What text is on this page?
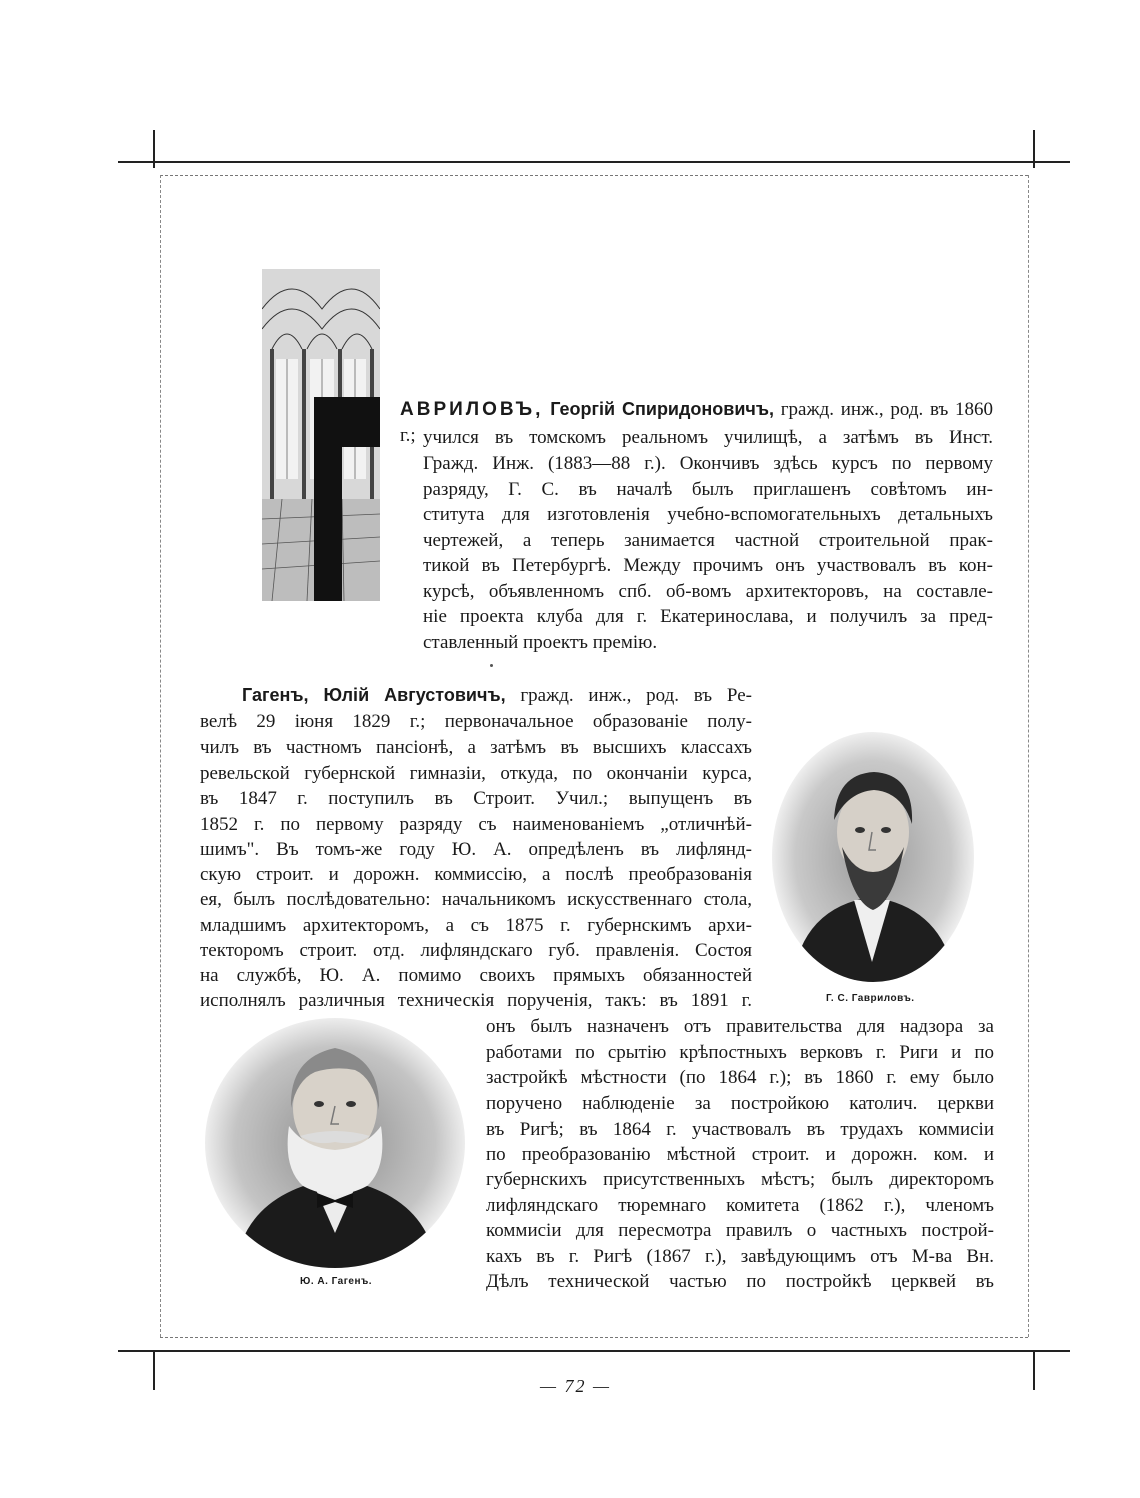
АВРИЛОВЪ, Георгій Спиридоновичъ, гражд. инж., род. въ 1860 г.; учился въ томскомъ реальномъ училищѣ, а затѣмъ въ Инст.

Гражд. Инж. (1883—88 г.). Окончивъ здѣсь курсъ по первому

разряду, Г. С. въ началѣ былъ приглашенъ совѣтомъ ин-

ститута для изготовленія учебно-вспомогательныхъ детальныхъ

чертежей, а теперь занимается частной строительной прак-

тикой въ Петербургѣ. Между прочимъ онъ участвовалъ въ кон-

курсѣ, объявленномъ спб. об-вомъ архитекторовъ, на составле-

ніе проекта клуба для г. Екатеринослава, и получилъ за пред-

ставленный проектъ премію.

Гагенъ, Юлій Августовичъ, гражд. инж., род. въ Ре-

велѣ 29 іюня 1829 г.; первоначальное образованіе полу-

чилъ въ частномъ пансіонѣ, а затѣмъ въ высшихъ классахъ

ревельской губернской гимназіи, откуда, по окончаніи курса,

въ 1847 г. поступилъ въ Строит. Учил.; выпущенъ въ

1852 г. по первому разряду съ наименованіемъ „отличнѣй-

шимъ". Въ томъ-же году Ю. А. опредѣленъ въ лифлянд-

скую строит. и дорожн. коммиссію, а послѣ преобразованія

ея, былъ послѣдовательно: начальникомъ искусственнаго стола,

младшимъ архитекторомъ, а съ 1875 г. губернскимъ архи-

текторомъ строит. отд. лифляндскаго губ. правленія. Состоя

на службѣ, Ю. А. помимо своихъ прямыхъ обязанностей

исполнялъ различныя техническія порученія, такъ: въ 1891 г.

онъ былъ назначенъ отъ правительства для надзора за

работами по срытію крѣпостныхъ верковъ г. Риги и по

застройкѣ мѣстности (по 1864 г.); въ 1860 г. ему было

поручено наблюденіе за постройкою католич. церкви

въ Ригѣ; въ 1864 г. участвовалъ въ трудахъ коммисіи

по преобразованію мѣстной строит. и дорожн. ком. и

губернскихъ присутственныхъ мѣстъ; былъ директоромъ

лифляндскаго тюремнаго комитета (1862 г.), членомъ

коммисіи для пересмотра правилъ о частныхъ построй-

кахъ въ г. Ригѣ (1867 г.), завѣдующимъ отъ М-ва Вн.

Дѣлъ технической частью по постройкѣ церквей въ

Г. С. Гавриловъ.
Ю. А. Гагенъ.
— 72 —
